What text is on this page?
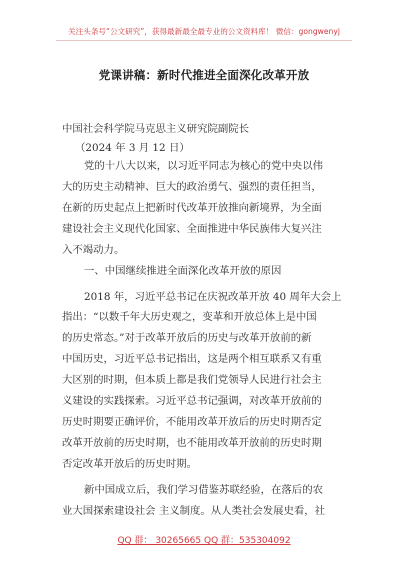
关注头条号“公文研究”，获得最新最全最专业的公文资料库！ 微信：gongwenyj
党课讲稿：新时代推进全面深化改革开放
中国社会科学院马克思主义研究院副院长
（2024 年 3 月 12 日）
党的十八大以来，以习近平同志为核心的党中央以伟
大的历史主动精神、巨大的政治勇气、强烈的责任担当，
在新的历史起点上把新时代改革开放推向新境界，为全面
建设社会主义现代化国家、全面推进中华民族伟大复兴注
入不竭动力。
一、中国继续推进全面深化改革开放的原因
2018 年，习近平总书记在庆祝改革开放 40 周年大会上
指出：“以数千年大历史观之，变革和开放总体上是中国
的历史常态。”对于改革开放后的历史与改革开放前的新
中国历史，习近平总书记指出，这是两个相互联系又有重
大区别的时期，但本质上都是我们党领导人民进行社会主
义建设的实践探索。习近平总书记强调，对改革开放前的
历史时期要正确评价，不能用改革开放后的历史时期否定
改革开放前的历史时期，也不能用改革开放前的历史时期
否定改革开放后的历史时期。
新中国成立后，我们学习借鉴苏联经验，在落后的农
业大国探索建设社会 主义制度。从人类社会发展史看，社
QQ 群： 30265665 QQ 群：535304092
